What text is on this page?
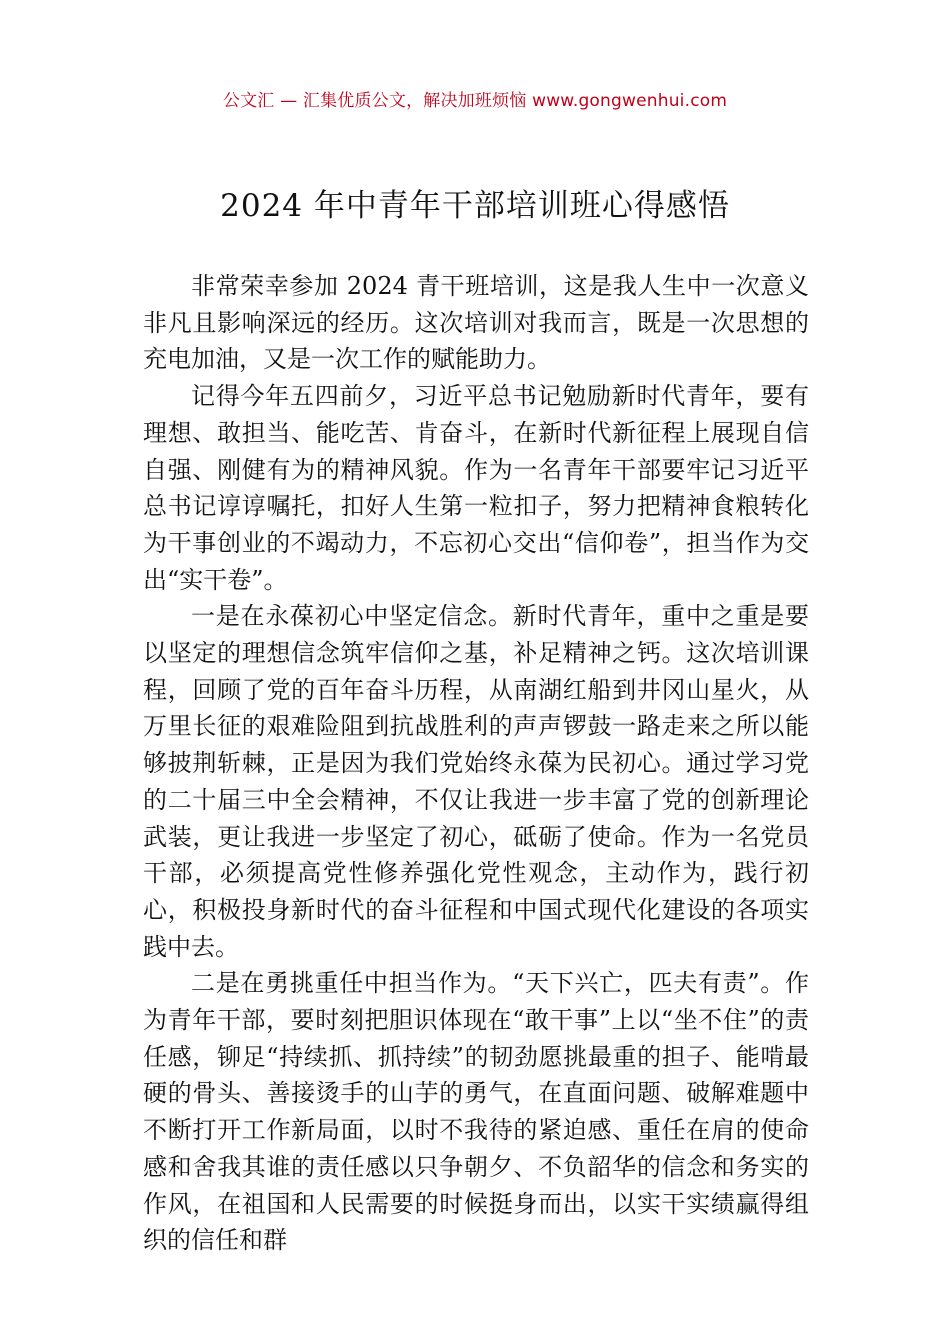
公文汇 — 汇集优质公文，解决加班烦恼 www.gongwenhui.com
2024 年中青年干部培训班心得感悟

非常荣幸参加 2024 青干班培训，这是我人生中一次意义非凡且影响深远的经历。这次培训对我而言，既是一次思想的充电加油，又是一次工作的赋能助力。

记得今年五四前夕，习近平总书记勉励新时代青年，要有理想、敢担当、能吃苦、肯奋斗，在新时代新征程上展现自信自强、刚健有为的精神风貌。作为一名青年干部要牢记习近平总书记谆谆嘱托，扣好人生第一粒扣子，努力把精神食粮转化为干事创业的不竭动力，不忘初心交出“信仰卷”，担当作为交出“实干卷”。

一是在永葆初心中坚定信念。新时代青年，重中之重是要以坚定的理想信念筑牢信仰之基，补足精神之钙。这次培训课程，回顾了党的百年奋斗历程，从南湖红船到井冈山星火，从万里长征的艰难险阻到抗战胜利的声声锣鼓一路走来之所以能够披荆斩棘，正是因为我们党始终永葆为民初心。通过学习党的二十届三中全会精神，不仅让我进一步丰富了党的创新理论武装，更让我进一步坚定了初心，砥砺了使命。作为一名党员干部，必须提高党性修养强化党性观念，主动作为，践行初心，积极投身新时代的奋斗征程和中国式现代化建设的各项实践中去。

二是在勇挑重任中担当作为。“天下兴亡，匹夫有责”。作为青年干部，要时刻把胆识体现在“敢干事”上以“坐不住”的责任感，铆足“持续抓、抓持续”的韧劲愿挑最重的担子、能啃最硬的骨头、善接烫手的山芋的勇气，在直面问题、破解难题中不断打开工作新局面，以时不我待的紧迫感、重任在肩的使命感和舍我其谁的责任感以只争朝夕、不负韶华的信念和务实的作风，在祖国和人民需要的时候挺身而出，以实干实绩赢得组织的信任和群
